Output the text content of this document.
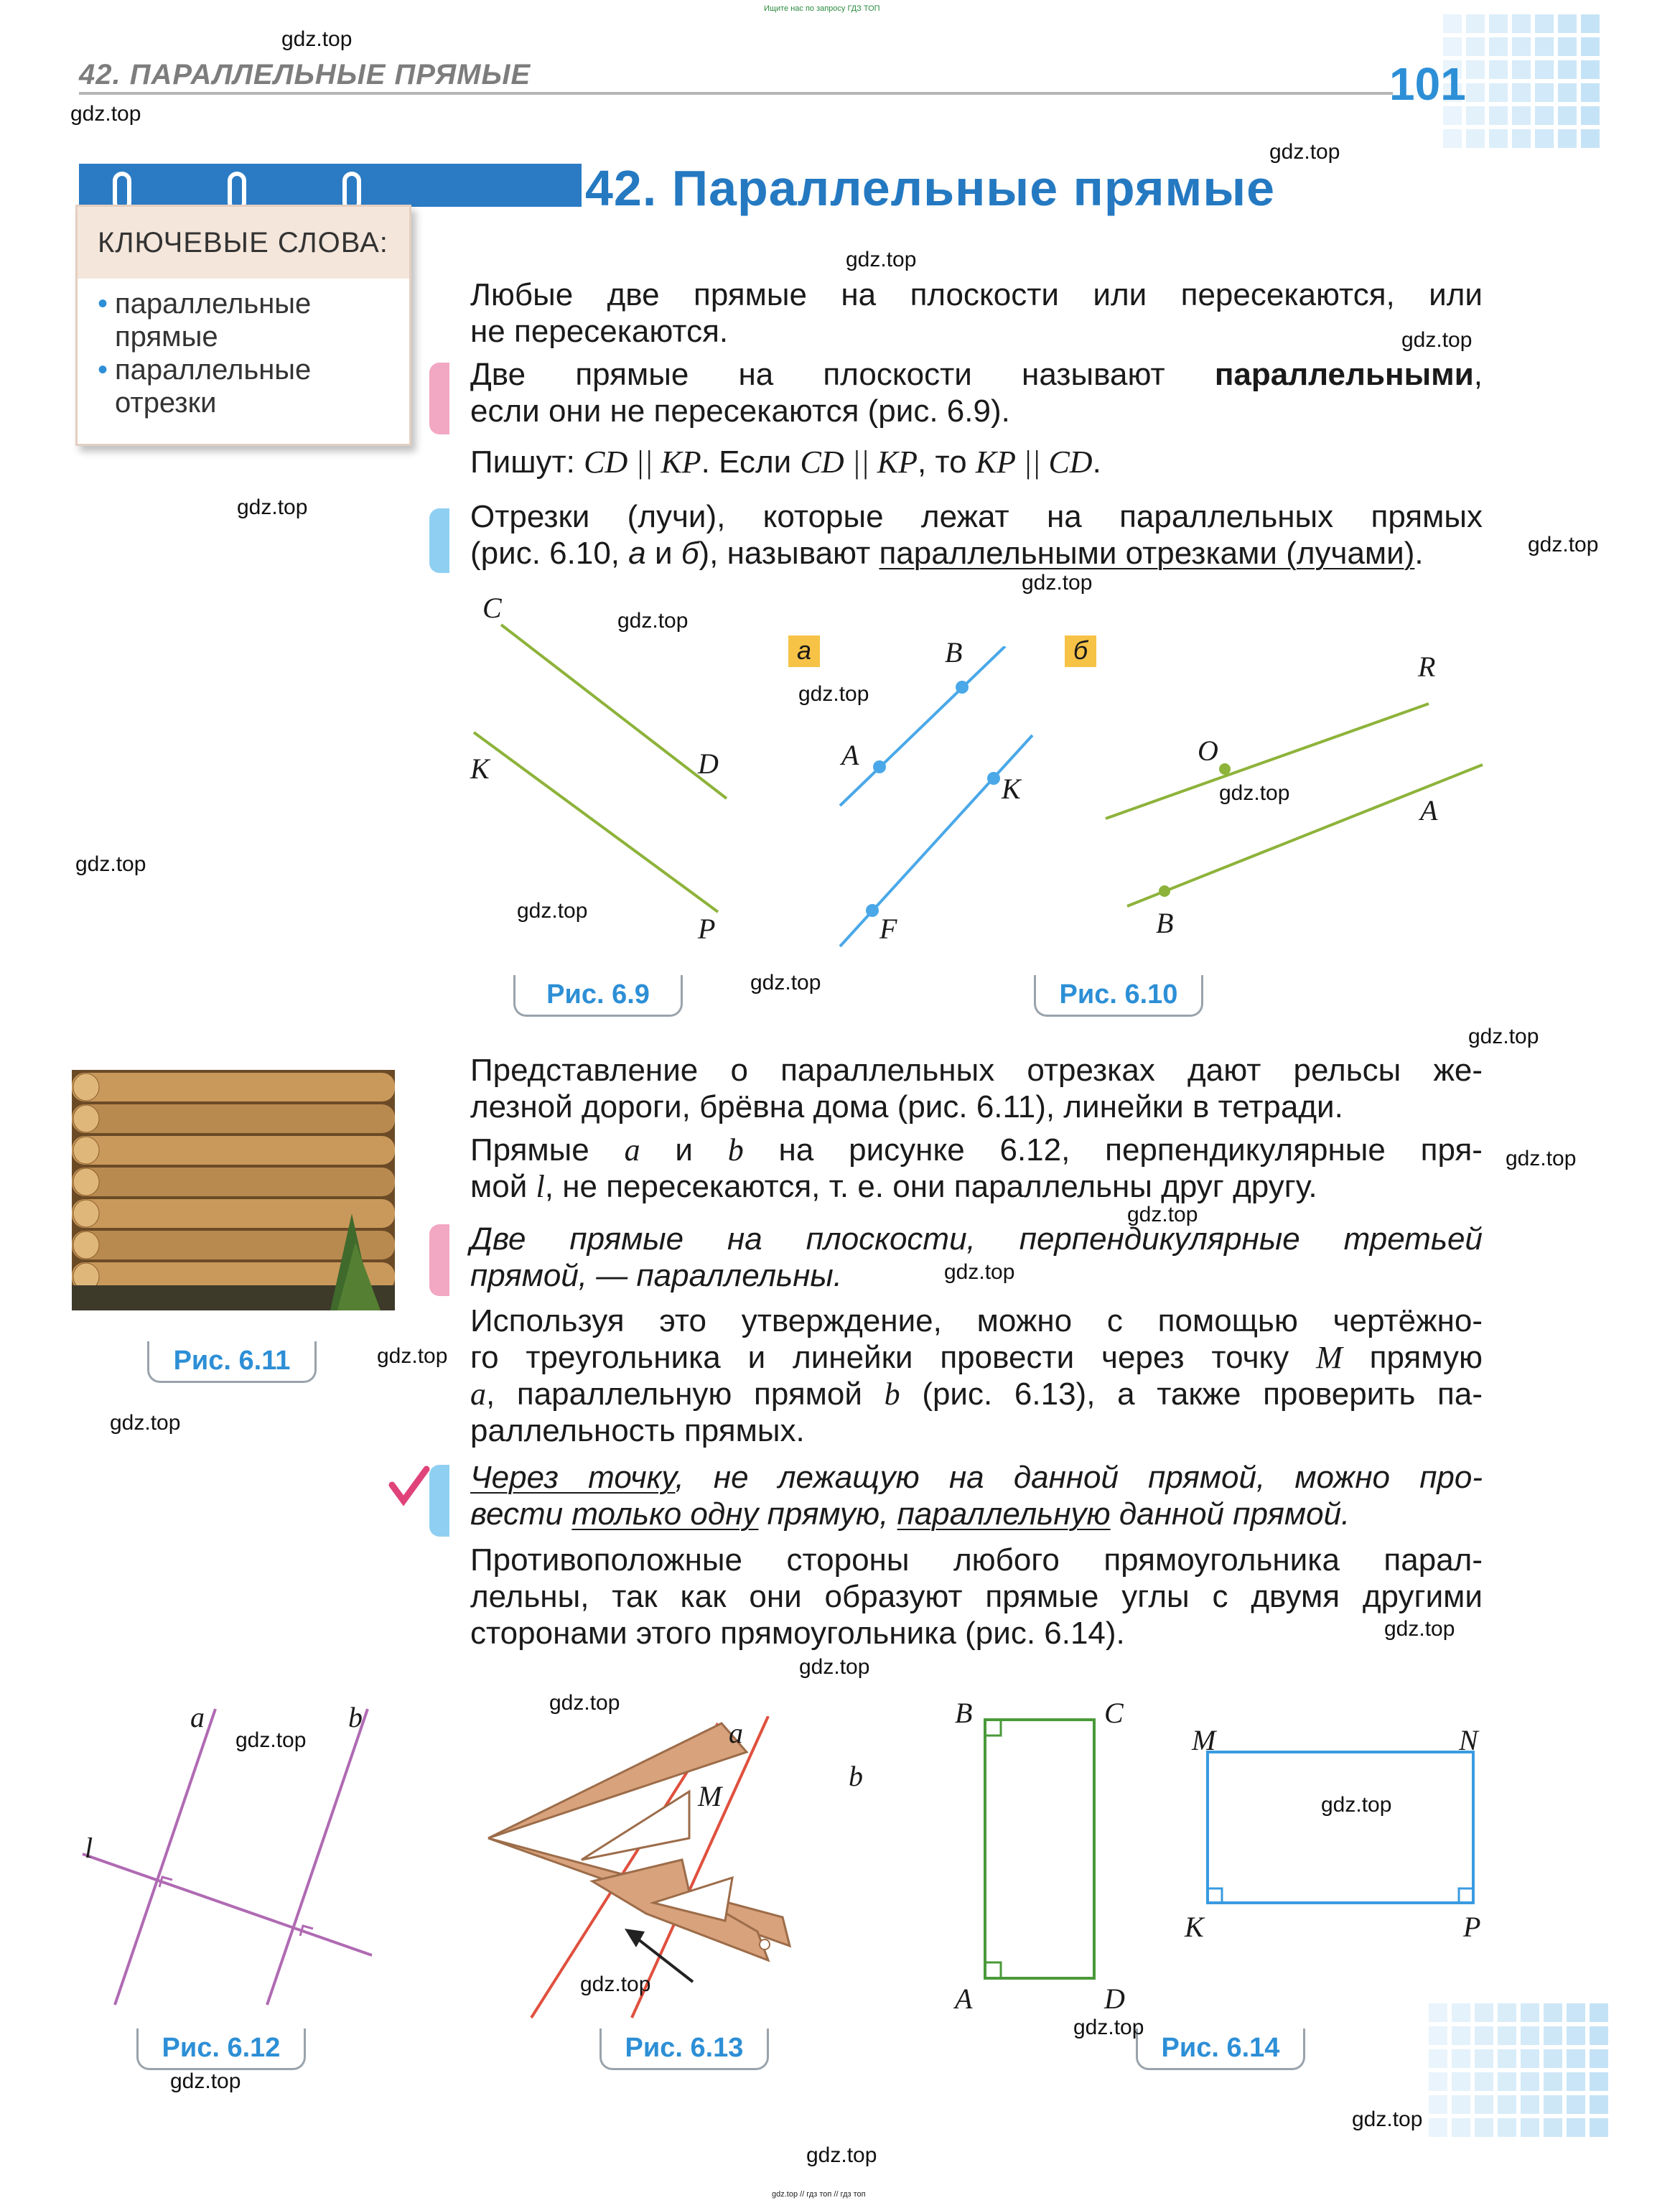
Ищите нас по запросу ГДЗ ТОП
gdz.top // гдз топ // гдз топ
42. ПАРАЛЛЕЛЬНЫЕ ПРЯМЫЕ	101
42. Параллельные прямые
КЛЮЧЕВЫЕ СЛОВА:
• параллельные
прямые
• параллельные
отрезки
Любые две прямые на плоскости или пересекаются, или
не пересекаются.
Две прямые на плоскости называют параллельными,
если они не пересекаются (рис. 6.9).
Пишут: CD || KP. Если CD || KP, то KP || CD.
Отрезки (лучи), которые лежат на параллельных прямых
(рис. 6.10, а и б), называют параллельными отрезками (лучами).
C
D
K
P
Рис. 6.9
а	б
B
A
K
F
R
O
A
B
Рис. 6.10
Рис. 6.11
Представление о параллельных отрезках дают рельсы же-
лезной дороги, брёвна дома (рис. 6.11), линейки в тетради.
Прямые a и b на рисунке 6.12, перпендикулярные пря-
мой l, не пересекаются, т. е. они параллельны друг другу.
Две прямые на плоскости, перпендикулярные третьей
прямой, — параллельны.
Используя это утверждение, можно с помощью чертёжно-
го треугольника и линейки провести через точку M прямую
a, параллельную прямой b (рис. 6.13), а также проверить па-
раллельность прямых.
Через точку, не лежащую на данной прямой, можно про-
вести только одну прямую, параллельную данной прямой.
Противоположные стороны любого прямоугольника парал-
лельны, так как они образуют прямые углы с двумя другими
сторонами этого прямоугольника (рис. 6.14).
a	b
l
Рис. 6.12
a
b
M
Рис. 6.13
B	C
A	D
M	N
K	P
Рис. 6.14
gdz.top
gdz.top
gdz.top
gdz.top
gdz.top
gdz.top
gdz.top
gdz.top
gdz.top
gdz.top
gdz.top
gdz.top
gdz.top
gdz.top
gdz.top
gdz.top
gdz.top
gdz.top
gdz.top
gdz.top
gdz.top
gdz.top
gdz.top
gdz.top
gdz.top
gdz.top
gdz.top
gdz.top
gdz.top
gdz.top
